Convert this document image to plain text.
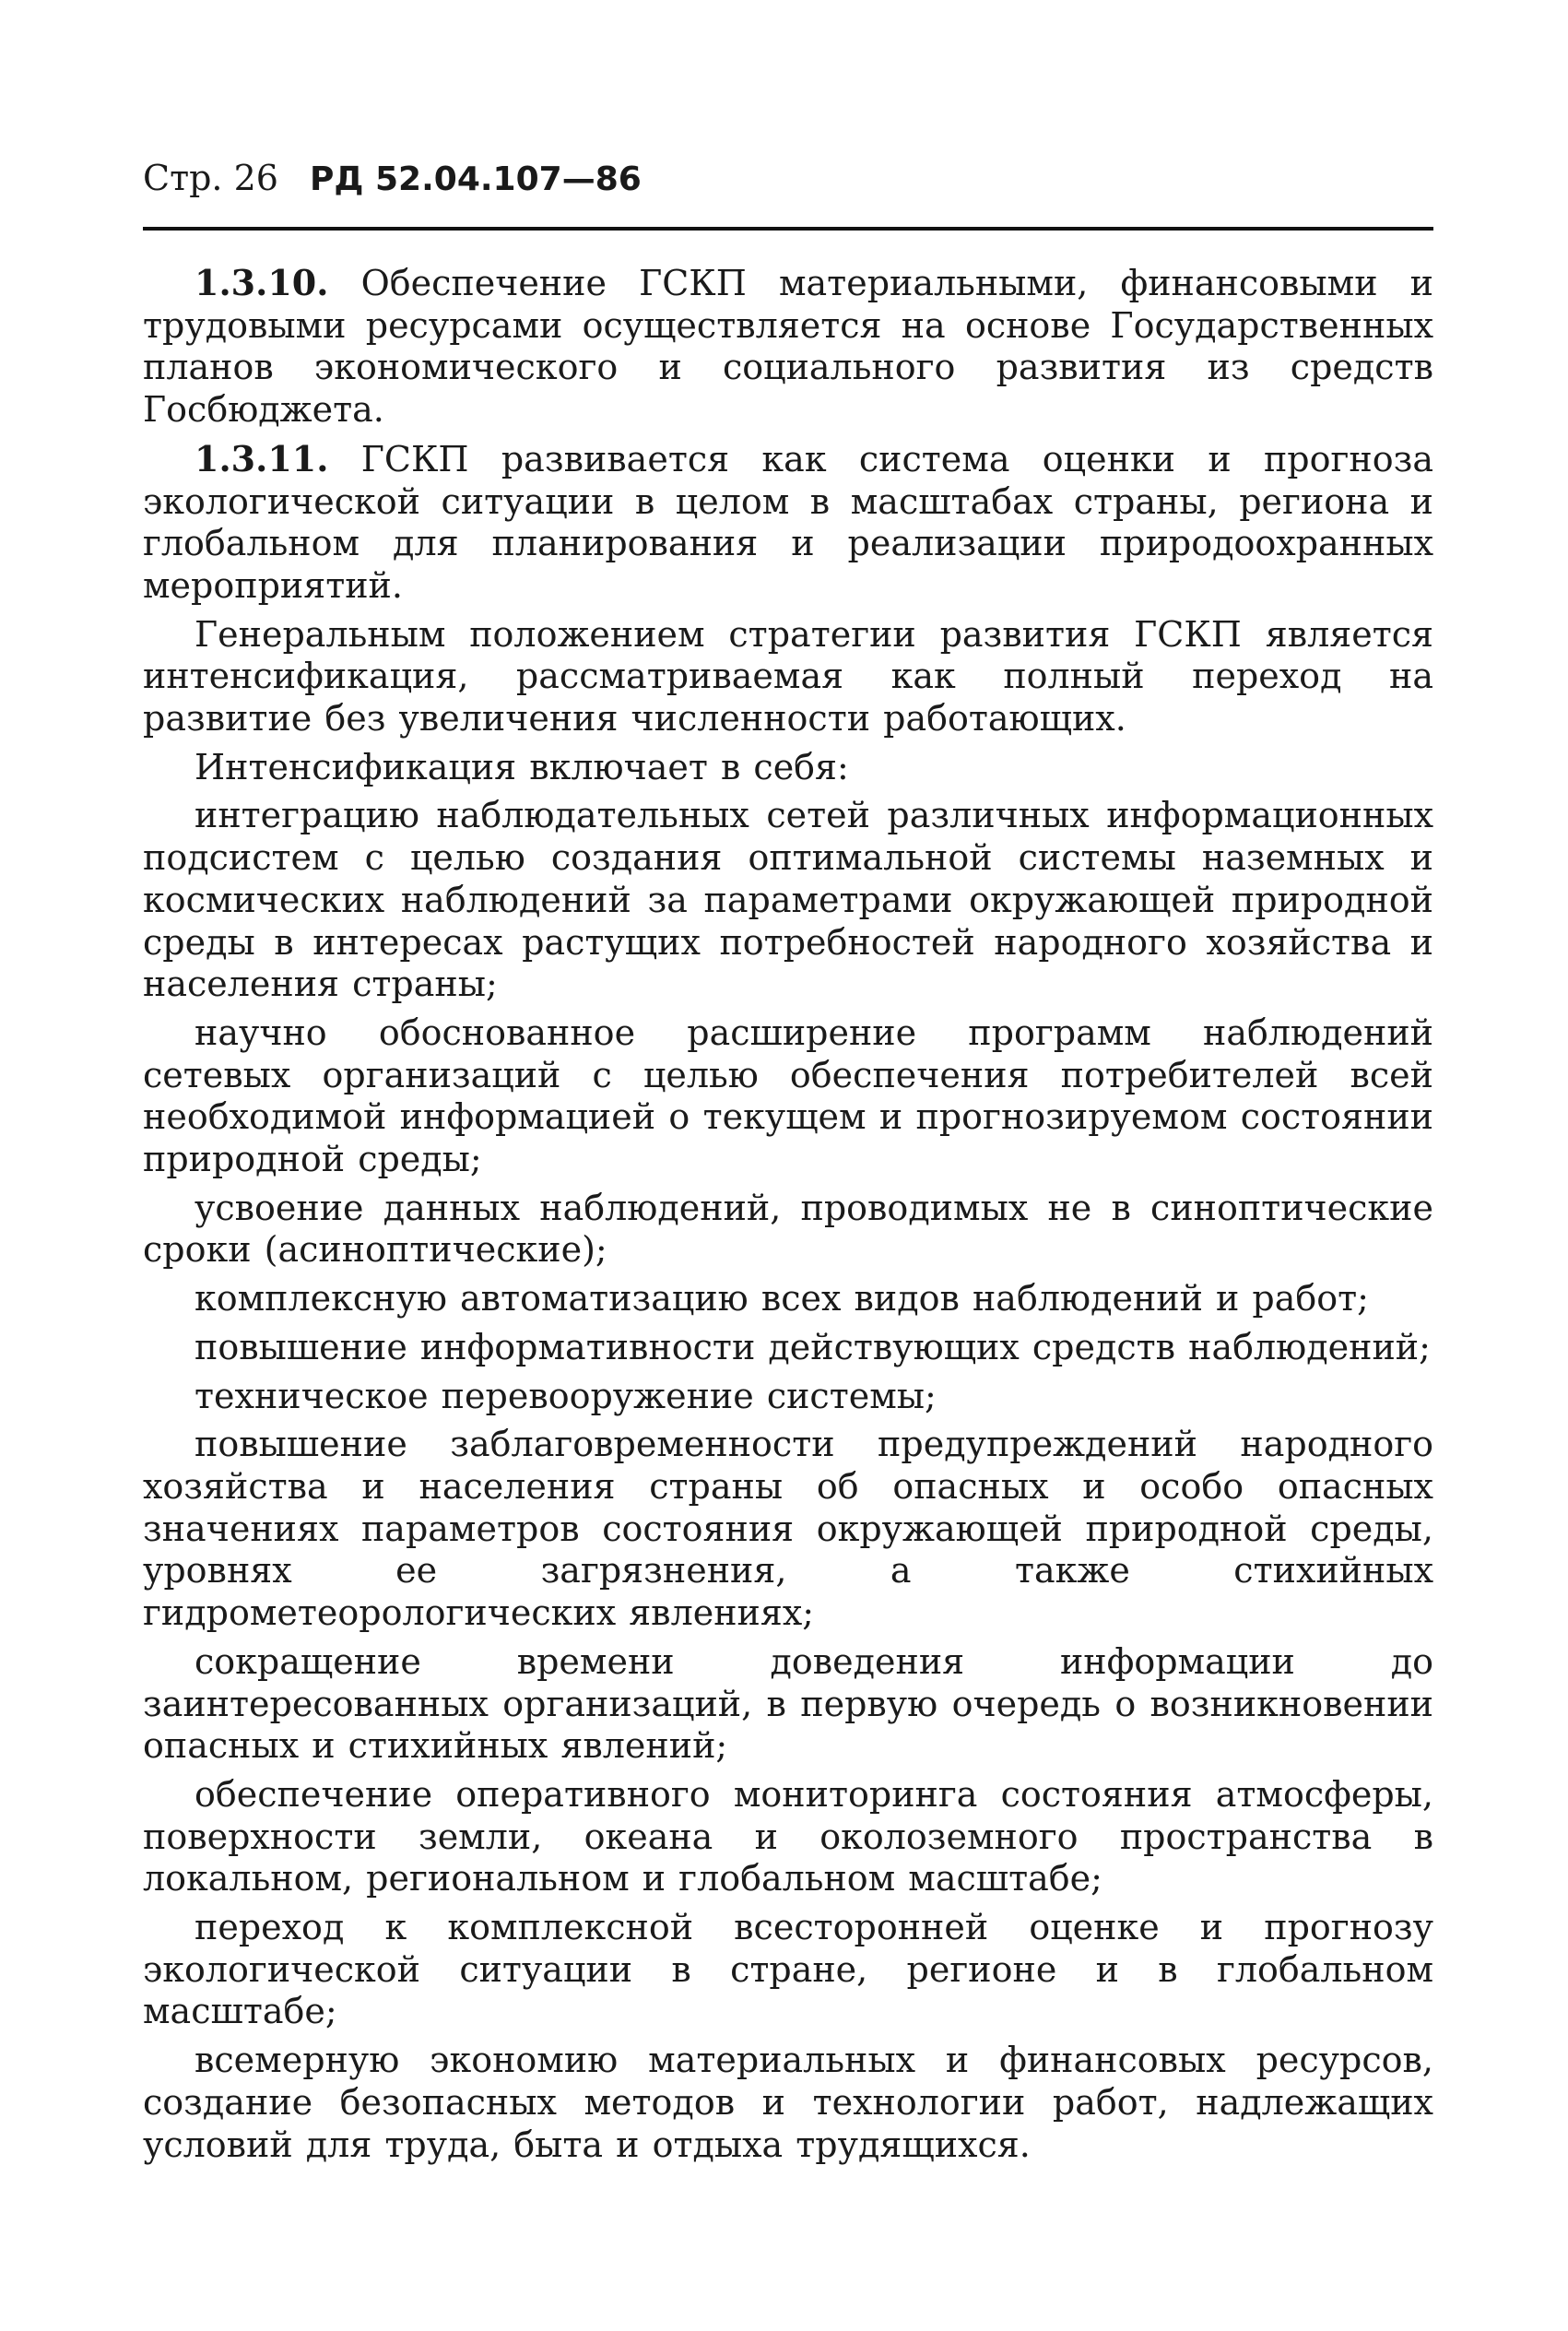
Стр. 26 РД 52.04.107—86

1.3.10. Обеспечение ГСКП материальными, финансовыми и трудовыми ресурсами осуществляется на основе Государственных планов экономического и социального развития из средств Госбюджета.

1.3.11. ГСКП развивается как система оценки и прогноза экологической ситуации в целом в масштабах страны, региона и глобальном для планирования и реализации природоохранных мероприятий.

Генеральным положением стратегии развития ГСКП является интенсификация, рассматриваемая как полный переход на развитие без увеличения численности работающих.

Интенсификация включает в себя:

интеграцию наблюдательных сетей различных информационных подсистем с целью создания оптимальной системы наземных и космических наблюдений за параметрами окружающей природной среды в интересах растущих потребностей народного хозяйства и населения страны;

научно обоснованное расширение программ наблюдений сетевых организаций с целью обеспечения потребителей всей необходимой информацией о текущем и прогнозируемом состоянии природной среды;

усвоение данных наблюдений, проводимых не в синоптические сроки (асиноптические);

комплексную автоматизацию всех видов наблюдений и работ;

повышение информативности действующих средств наблюдений;

техническое перевооружение системы;

повышение заблаговременности предупреждений народного хозяйства и населения страны об опасных и особо опасных значениях параметров состояния окружающей природной среды, уровнях ее загрязнения, а также стихийных гидрометеорологических явлениях;

сокращение времени доведения информации до заинтересованных организаций, в первую очередь о возникновении опасных и стихийных явлений;

обеспечение оперативного мониторинга состояния атмосферы, поверхности земли, океана и околоземного пространства в локальном, региональном и глобальном масштабе;

переход к комплексной всесторонней оценке и прогнозу экологической ситуации в стране, регионе и в глобальном масштабе;

всемерную экономию материальных и финансовых ресурсов, создание безопасных методов и технологии работ, надлежащих условий для труда, быта и отдыха трудящихся.
